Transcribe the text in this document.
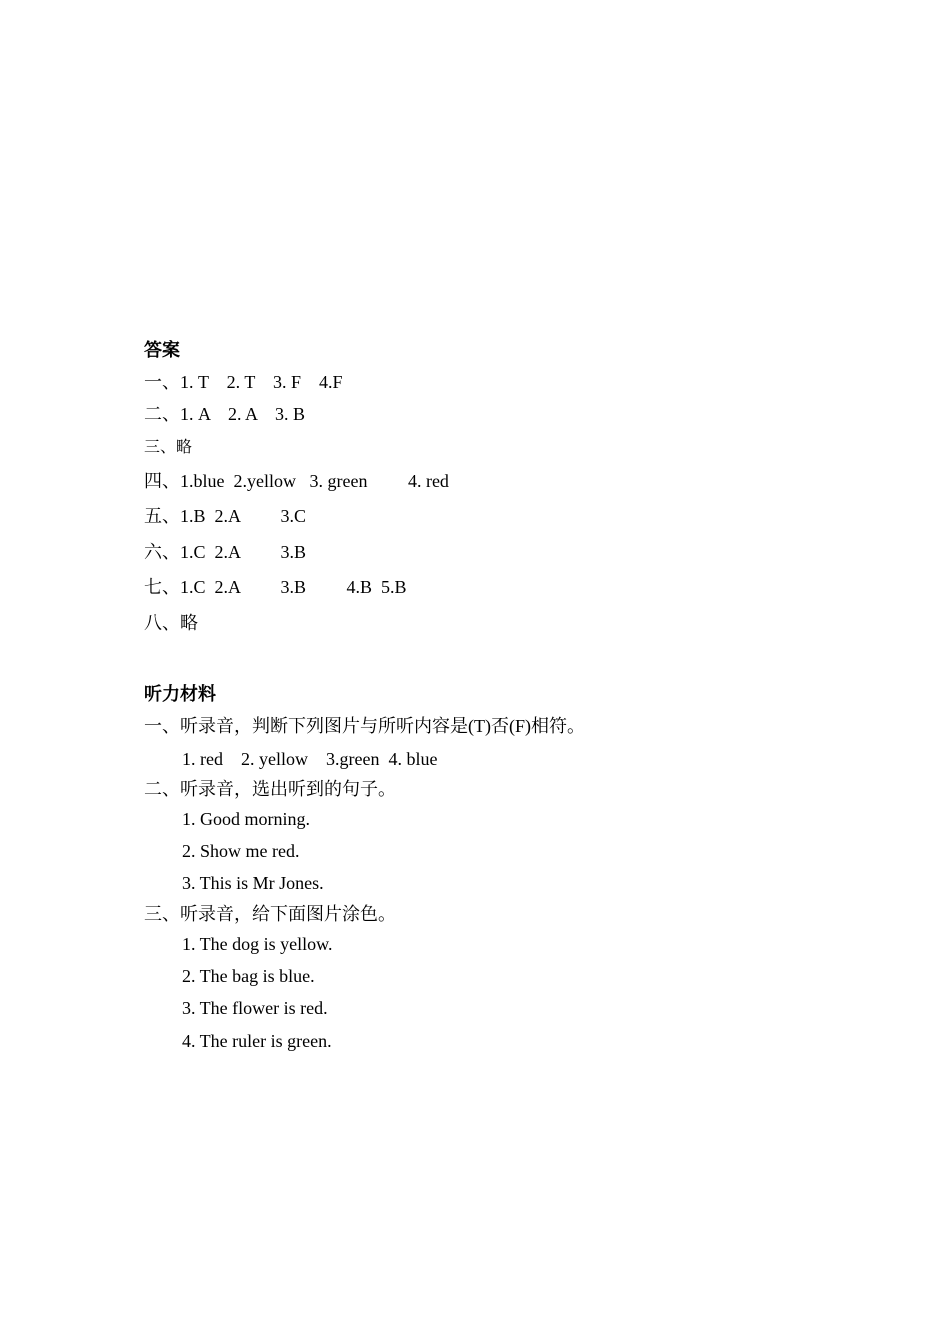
答案
一、1. T    2. T    3. F    4.F
二、1. A    2. A    3. B
三、略
四、1.blue  2.yellow   3. green         4. red
五、1.B  2.A         3.C
六、1.C  2.A         3.B
七、1.C  2.A         3.B         4.B  5.B
八、略
听力材料
一、听录音，判断下列图片与所听内容是(T)否(F)相符。
1. red    2. yellow    3.green  4. blue
二、听录音，选出听到的句子。
1. Good morning.
2. Show me red.
3. This is Mr Jones.
三、听录音，给下面图片涂色。
1. The dog is yellow.
2. The bag is blue.
3. The flower is red.
4. The ruler is green.
